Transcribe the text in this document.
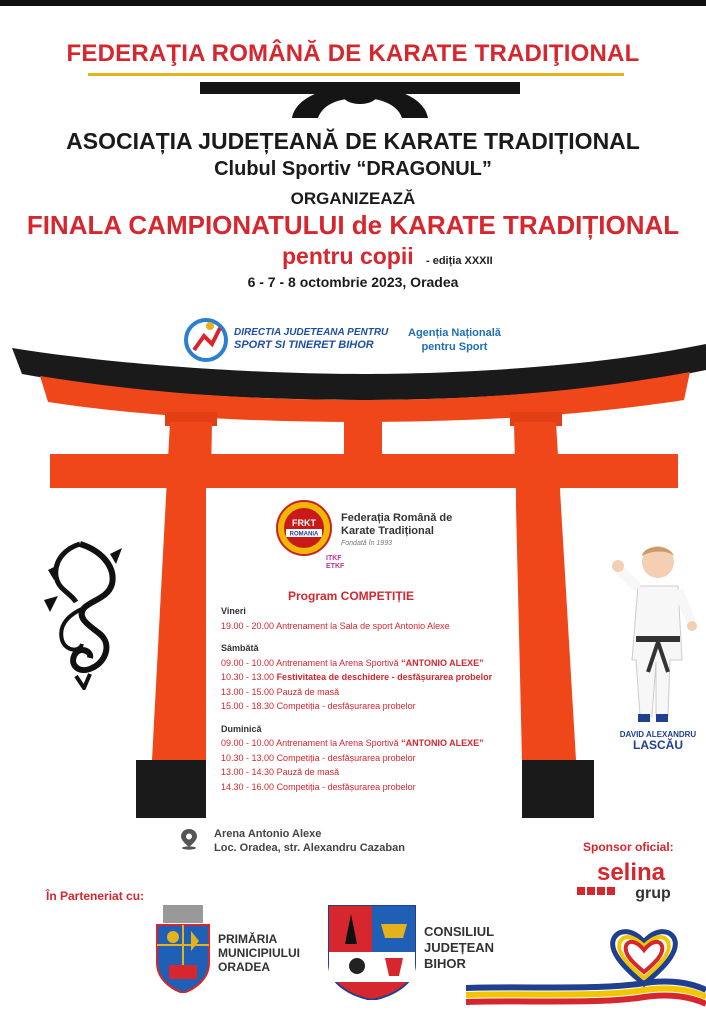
FEDERAŢIA ROMÂNĂ DE KARATE TRADIŢIONAL
ASOCIAȚIA JUDEȚEANĂ DE KARATE TRADIȚIONAL
Clubul Sportiv “DRAGONUL”
ORGANIZEAZĂ
FINALA CAMPIONATULUI de KARATE TRADIȚIONAL
pentru copii - ediția XXXII
6 - 7 - 8 octombrie 2023, Oradea
DIRECTIA JUDETEANA PENTRU
SPORT SI TINERET BIHOR
Agenția Națională
pentru Sport
FRKT
ROMANIA
Federația Română de
Karate Tradițional
Fondată în 1993
ITKF
ETKF
Program COMPETIȚIE
Vineri
19.00 - 20.00 Antrenament la Sala de sport Antonio Alexe
Sâmbătă
09.00 - 10.00 Antrenament la Arena Sportivă “ANTONIO ALEXE”
10.30 - 13.00 Festivitatea de deschidere - desfășurarea probelor
13.00 - 15.00 Pauză de masă
15.00 - 18.30 Competiția - desfășurarea probelor
Duminică
09.00 - 10.00 Antrenament la Arena Sportivă “ANTONIO ALEXE”
10.30 - 13.00 Competiția - desfășurarea probelor
13.00 - 14.30 Pauză de masă
14.30 - 16.00 Competiția - desfășurarea probelor
DAVID ALEXANDRU
LASCĂU
Arena Antonio Alexe
Loc. Oradea, str. Alexandru Cazaban	Sponsor oficial:
selina
grup
În Parteneriat cu:
PRIMĂRIA
MUNICIPIULUI
ORADEA
CONSILIUL
JUDEȚEAN
BIHOR
